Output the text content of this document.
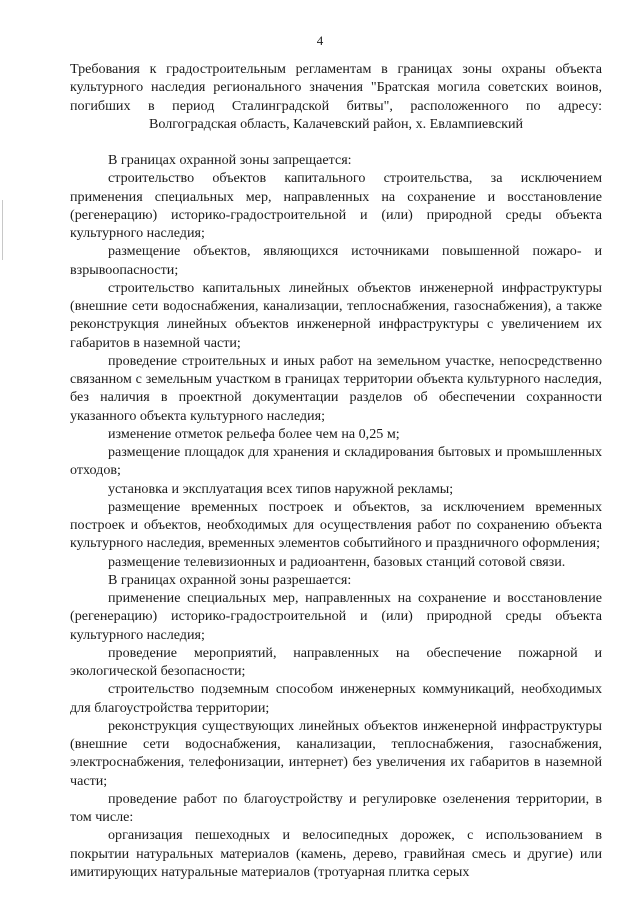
4
Требования к градостроительным регламентам в границах зоны охраны объекта
культурного наследия регионального значения "Братская могила советских воинов,
погибших в период Сталинградской битвы", расположенного по адресу:
Волгоградская область, Калачевский район, х. Евлампиевский

В границах охранной зоны запрещается:

строительство объектов капитального строительства, за исключением применения специальных мер, направленных на сохранение и восстановление (регенерацию) историко-градостроительной и (или) природной среды объекта культурного наследия;

размещение объектов, являющихся источниками повышенной пожаро- и взрывоопасности;

строительство капитальных линейных объектов инженерной инфраструктуры (внешние сети водоснабжения, канализации, теплоснабжения, газоснабжения), а также реконструкция линейных объектов инженерной инфраструктуры с увеличением их габаритов в наземной части;

проведение строительных и иных работ на земельном участке, непосредственно связанном с земельным участком в границах территории объекта культурного наследия, без наличия в проектной документации разделов об обеспечении сохранности указанного объекта культурного наследия;

изменение отметок рельефа более чем на 0,25 м;

размещение площадок для хранения и складирования бытовых и промышленных отходов;

установка и эксплуатация всех типов наружной рекламы;

размещение временных построек и объектов, за исключением временных построек и объектов, необходимых для осуществления работ по сохранению объекта культурного наследия, временных элементов событийного и праздничного оформления;

размещение телевизионных и радиоантенн, базовых станций сотовой связи.

В границах охранной зоны разрешается:

применение специальных мер, направленных на сохранение и восстановление (регенерацию) историко-градостроительной и (или) природной среды объекта культурного наследия;

проведение мероприятий, направленных на обеспечение пожарной и экологической безопасности;

строительство подземным способом инженерных коммуникаций, необходимых для благоустройства территории;

реконструкция существующих линейных объектов инженерной инфраструктуры (внешние сети водоснабжения, канализации, теплоснабжения, газоснабжения, электроснабжения, телефонизации, интернет) без увеличения их габаритов в наземной части;

проведение работ по благоустройству и регулировке озеленения территории, в том числе:

организация пешеходных и велосипедных дорожек, с использованием в покрытии натуральных материалов (камень, дерево, гравийная смесь и другие) или имитирующих натуральные материалов (тротуарная плитка серых
